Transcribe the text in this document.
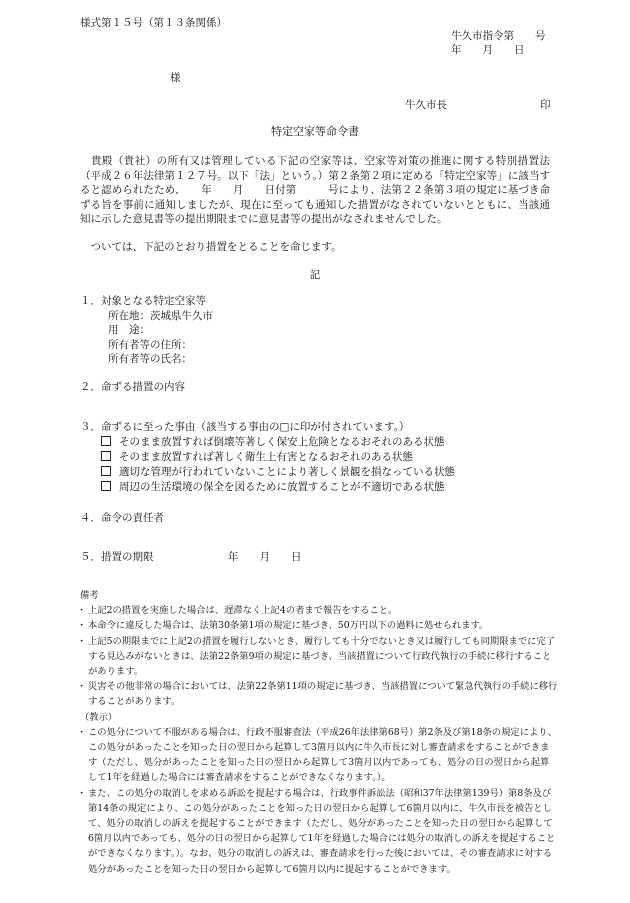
様式第１５号（第１３条関係）
牛久市指令第　　号
年　　月　　日
様
牛久市長	印
特定空家等命令書
　貴殿（貴社）の所有又は管理している下記の空家等は、空家等対策の推進に関する特別措置法（平成２６年法律第１２７号。以下「法」という。）第２条第２項に定める「特定空家等」に該当すると認められたため、　　年　　月　　日付第　　　号により、法第２２条第３項の規定に基づき命ずる旨を事前に通知しましたが、現在に至っても通知した措置がなされていないとともに、当該通知に示した意見書等の提出期限までに意見書等の提出がなされませんでした。
　ついては、下記のとおり措置をとることを命じます。
記
１．対象となる特定空家等
所在地：茨城県牛久市
用　途：
所有者等の住所：
所有者等の氏名：
２．命ずる措置の内容
３．命ずるに至った事由（該当する事由の□に印が付されています。）
そのまま放置すれば倒壊等著しく保安上危険となるおそれのある状態
そのまま放置すれば著しく衛生上有害となるおそれのある状態
適切な管理が行われていないことにより著しく景観を損なっている状態
周辺の生活環境の保全を図るために放置することが不適切である状態
４．命令の責任者
５．措置の期限	年　　月　　日

備考

・ 上記2の措置を実施した場合は、遅滞なく上記4の者まで報告をすること。

・ 本命令に違反した場合は、法第30条第1項の規定に基づき、50万円以下の過料に処せられます。

・ 上記5の期限までに上記2の措置を履行しないとき、履行しても十分でないとき又は履行しても同期限までに完了する見込みがないときは、法第22条第9項の規定に基づき、当該措置について行政代執行の手続に移行することがあります。

・ 災害その他非常の場合においては、法第22条第11項の規定に基づき、当該措置について緊急代執行の手続に移行することがあります。

（教示）

・ この処分について不服がある場合は、行政不服審査法（平成26年法律第68号）第2条及び第18条の規定により、この処分があったことを知った日の翌日から起算して3箇月以内に牛久市長に対し審査請求をすることができます（ただし、処分があったことを知った日の翌日から起算して3箇月以内であっても、処分の日の翌日から起算して1年を経過した場合には審査請求をすることができなくなります。）。

・ また、この処分の取消しを求める訴訟を提起する場合は、行政事件訴訟法（昭和37年法律第139号）第8条及び第14条の規定により、この処分があったことを知った日の翌日から起算して6箇月以内に、牛久市長を被告として、処分の取消しの訴えを提起することができます（ただし、処分があったことを知った日の翌日から起算して6箇月以内であっても、処分の日の翌日から起算して1年を経過した場合には処分の取消しの訴えを提起することができなくなります。）。なお、処分の取消しの訴えは、審査請求を行った後においては、その審査請求に対する処分があったことを知った日の翌日から起算して6箇月以内に提起することができます。
